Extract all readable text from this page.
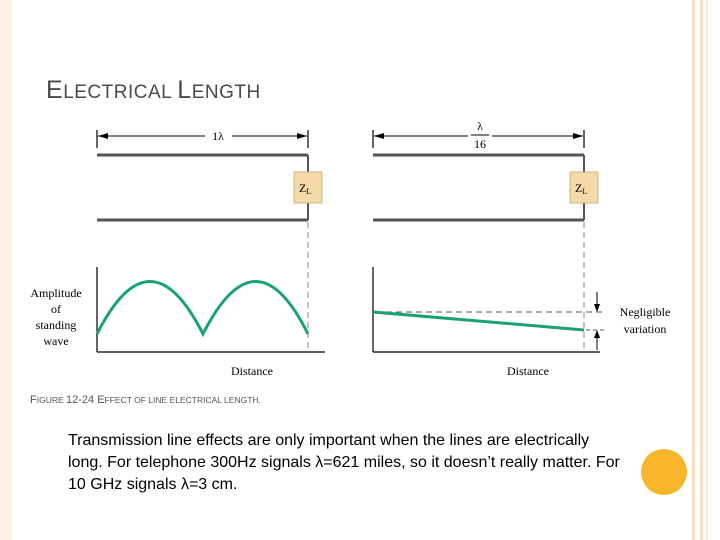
ELECTRICAL LENGTH
1λ
ZL
Distance
Amplitude
of
standing
wave
λ
16
ZL
Negligible
variation
Distance

FIGURE 12-24 EFFECT OF LINE ELECTRICAL LENGTH.

Transmission line effects are only important when the lines are electrically long. For telephone 300Hz signals λ=621 miles, so it doesn’t really matter. For 10 GHz signals λ=3 cm.
